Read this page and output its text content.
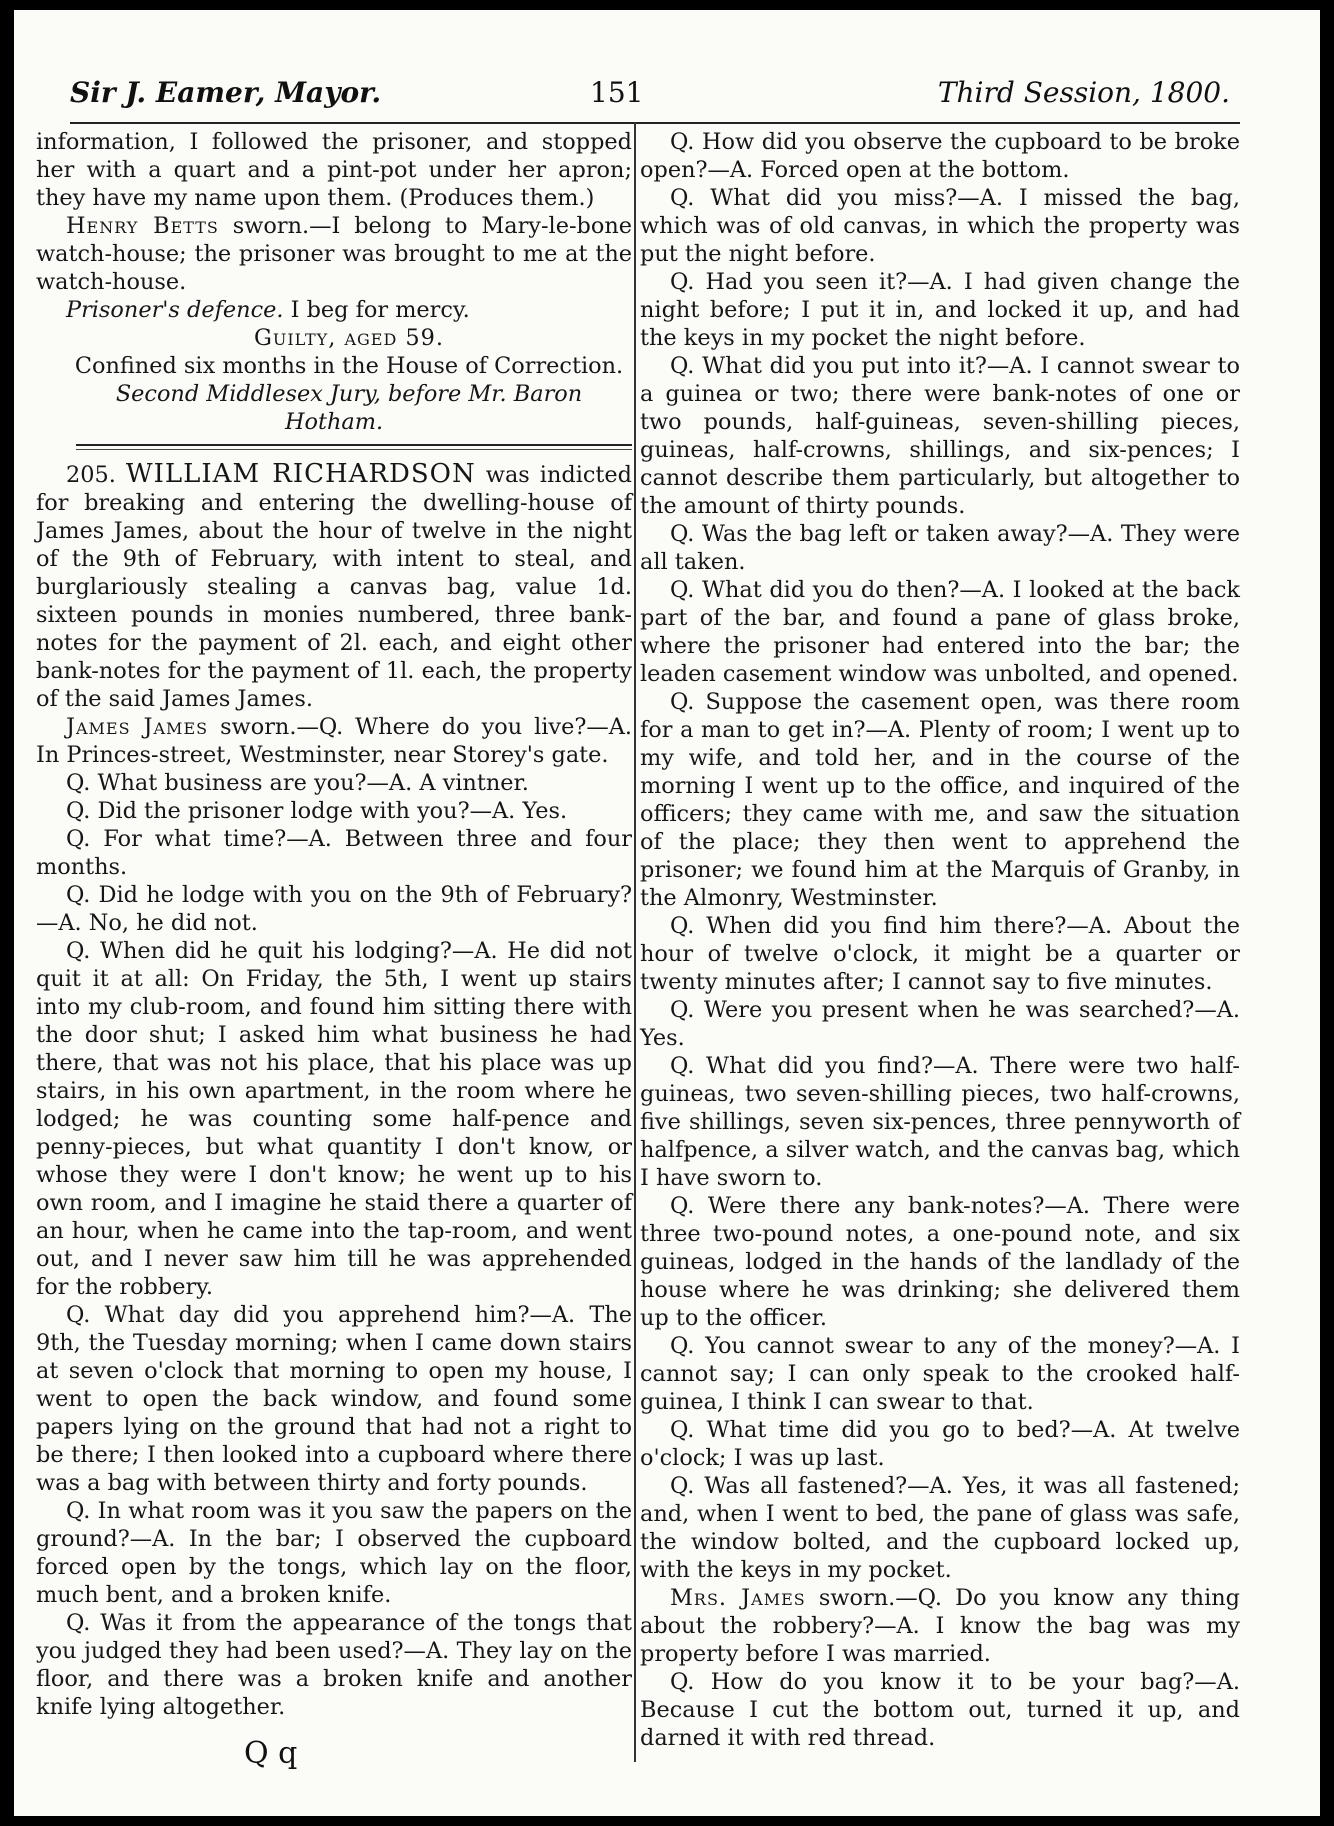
Sir J. Eamer, Mayor.	151	Third Session, 1800.

information, I followed the prisoner, and stopped her with a quart and a pint-pot under her apron; they have my name upon them. (Produces them.)

Henry Betts sworn.—I belong to Mary-le-bone watch-house; the prisoner was brought to me at the watch-house.

Prisoner's defence. I beg for mercy.

Guilty, aged 59.

Confined six months in the House of Correction.

Second Middlesex Jury, before Mr. Baron Hotham.

205. WILLIAM RICHARDSON was indicted for breaking and entering the dwelling-house of James James, about the hour of twelve in the night of the 9th of February, with intent to steal, and burglariously stealing a canvas bag, value 1d. sixteen pounds in monies numbered, three bank-notes for the payment of 2l. each, and eight other bank-notes for the payment of 1l. each, the property of the said James James.

James James sworn.—Q. Where do you live?—A. In Princes-street, Westminster, near Storey's gate.

Q. What business are you?—A. A vintner.

Q. Did the prisoner lodge with you?—A. Yes.

Q. For what time?—A. Between three and four months.

Q. Did he lodge with you on the 9th of February?—A. No, he did not.

Q. When did he quit his lodging?—A. He did not quit it at all: On Friday, the 5th, I went up stairs into my club-room, and found him sitting there with the door shut; I asked him what business he had there, that was not his place, that his place was up stairs, in his own apartment, in the room where he lodged; he was counting some half-pence and penny-pieces, but what quantity I don't know, or whose they were I don't know; he went up to his own room, and I imagine he staid there a quarter of an hour, when he came into the tap-room, and went out, and I never saw him till he was apprehended for the robbery.

Q. What day did you apprehend him?—A. The 9th, the Tuesday morning; when I came down stairs at seven o'clock that morning to open my house, I went to open the back window, and found some papers lying on the ground that had not a right to be there; I then looked into a cupboard where there was a bag with between thirty and forty pounds.

Q. In what room was it you saw the papers on the ground?—A. In the bar; I observed the cupboard forced open by the tongs, which lay on the floor, much bent, and a broken knife.

Q. Was it from the appearance of the tongs that you judged they had been used?—A. They lay on the floor, and there was a broken knife and another knife lying altogether.

Q. How did you observe the cupboard to be broke open?—A. Forced open at the bottom.

Q. What did you miss?—A. I missed the bag, which was of old canvas, in which the property was put the night before.

Q. Had you seen it?—A. I had given change the night before; I put it in, and locked it up, and had the keys in my pocket the night before.

Q. What did you put into it?—A. I cannot swear to a guinea or two; there were bank-notes of one or two pounds, half-guineas, seven-shilling pieces, guineas, half-crowns, shillings, and six-pences; I cannot describe them particularly, but altogether to the amount of thirty pounds.

Q. Was the bag left or taken away?—A. They were all taken.

Q. What did you do then?—A. I looked at the back part of the bar, and found a pane of glass broke, where the prisoner had entered into the bar; the leaden casement window was unbolted, and opened.

Q. Suppose the casement open, was there room for a man to get in?—A. Plenty of room; I went up to my wife, and told her, and in the course of the morning I went up to the office, and inquired of the officers; they came with me, and saw the situation of the place; they then went to apprehend the prisoner; we found him at the Marquis of Granby, in the Almonry, Westminster.

Q. When did you find him there?—A. About the hour of twelve o'clock, it might be a quarter or twenty minutes after; I cannot say to five minutes.

Q. Were you present when he was searched?—A. Yes.

Q. What did you find?—A. There were two half-guineas, two seven-shilling pieces, two half-crowns, five shillings, seven six-pences, three pennyworth of halfpence, a silver watch, and the canvas bag, which I have sworn to.

Q. Were there any bank-notes?—A. There were three two-pound notes, a one-pound note, and six guineas, lodged in the hands of the landlady of the house where he was drinking; she delivered them up to the officer.

Q. You cannot swear to any of the money?—A. I cannot say; I can only speak to the crooked half-guinea, I think I can swear to that.

Q. What time did you go to bed?—A. At twelve o'clock; I was up last.

Q. Was all fastened?—A. Yes, it was all fastened; and, when I went to bed, the pane of glass was safe, the window bolted, and the cupboard locked up, with the keys in my pocket.

Mrs. James sworn.—Q. Do you know any thing about the robbery?—A. I know the bag was my property before I was married.

Q. How do you know it to be your bag?—A. Because I cut the bottom out, turned it up, and darned it with red thread.

Q q
